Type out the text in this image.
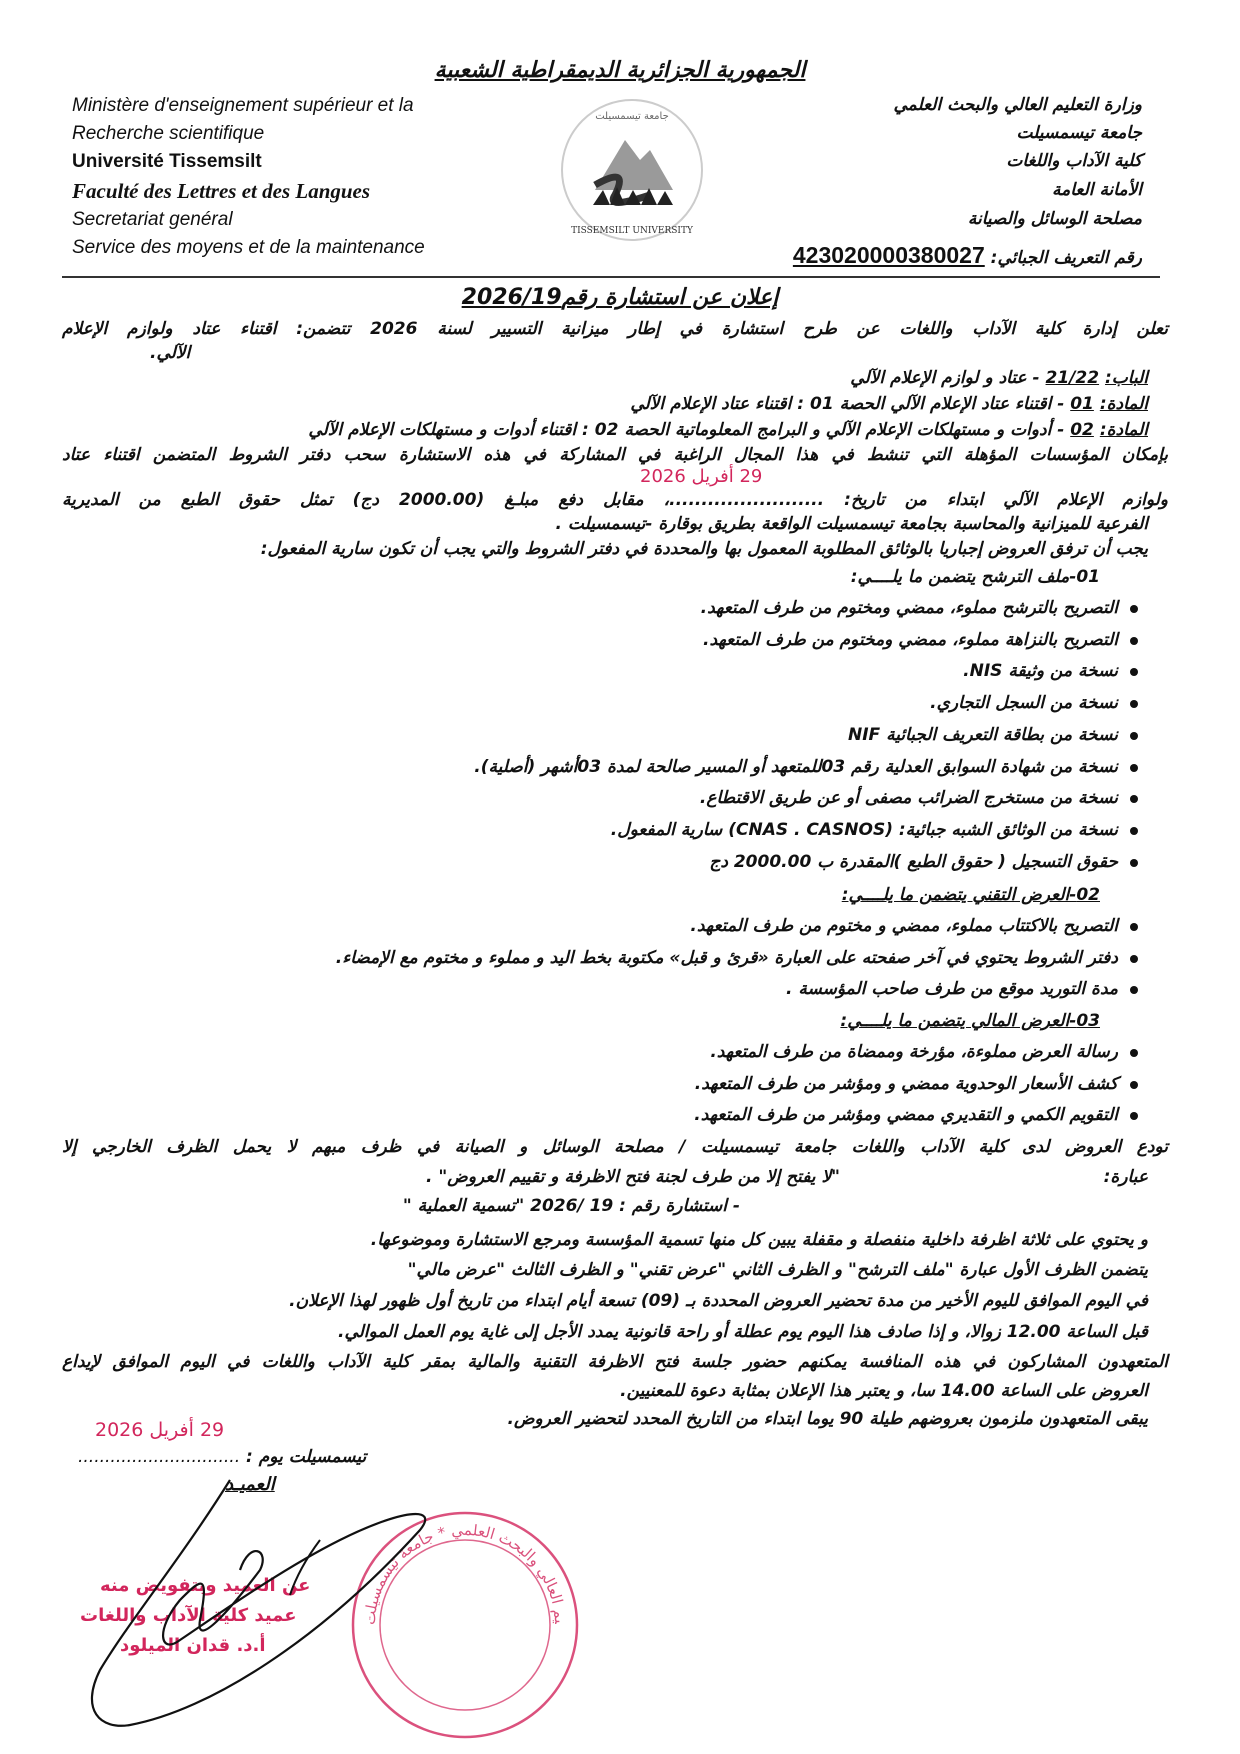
الجمهورية الجزائرية الديمقراطية الشعبية
Ministère d'enseignement supérieur et la
Recherche scientifique
Université Tissemsilt
Faculté des Lettres et des Langues
Secretariat genéral
Service des moyens et de la maintenance
TISSEMSILT UNIVERSITY
جامعة تيسمسيلت
وزارة التعليم العالي والبحث العلمي
جامعة تيسمسيلت
كلية الآداب واللغات
الأمانة العامة
مصلحة الوسائل والصيانة
رقم التعريف الجبائي: 423020000380027
إعلان عن استشارة رقم2026/19
تعلن إدارة كلية الآداب واللغات عن طرح استشارة في إطار ميزانية التسيير لسنة 2026 تتضمن: اقتناء عتاد ولوازم الإعلام
الآلي.
الباب: 21/22 - عتاد و لوازم الإعلام الآلي
المادة: 01 - اقتناء عتاد الإعلام الآلي الحصة 01 : اقتناء عتاد الإعلام الآلي
المادة: 02 - أدوات و مستهلكات الإعلام الآلي و البرامج المعلوماتية الحصة 02 : اقتناء أدوات و مستهلكات الإعلام الآلي
بإمكان المؤسسات المؤهلة التي تنشط في هذا المجال الراغبة في المشاركة في هذه الاستشارة سحب دفتر الشروط المتضمن اقتناء عتاد
29 أفريل 2026
ولوازم الإعلام الآلي ابتداء من تاريخ: ........................، مقابل دفع مبلـغ (2000.00 دج) تمثل حقوق الطبع من المديرية
الفرعية للميزانية والمحاسبة بجامعة تيسمسيلت الواقعة بطريق بوقارة -تيسمسيلت .
يجب أن ترفق العروض إجباريا بالوثائق المطلوبة المعمول بها والمحددة في دفتر الشروط والتي يجب أن تكون سارية المفعول:
01-ملف الترشح يتضمن ما يلــــي:
التصريح بالترشح مملوء، ممضي ومختوم من طرف المتعهد.
التصريح بالنزاهة مملوء، ممضي ومختوم من طرف المتعهد.
نسخة من وثيقة NIS.
نسخة من السجل التجاري.
نسخة من بطاقة التعريف الجبائية NIF
نسخة من شهادة السوابق العدلية رقم 03للمتعهد أو المسير صالحة لمدة 03أشهر (أصلية).
نسخة من مستخرج الضرائب مصفى أو عن طريق الاقتطاع.
نسخة من الوثائق الشبه جبائية: (CNAS . CASNOS) سارية المفعول.
حقوق التسجيل ( حقوق الطبع )المقدرة ب 2000.00 دج
02-العرض التقني يتضمن ما يلــــي:
التصريح بالاكتتاب مملوء، ممضي و مختوم من طرف المتعهد.
دفتر الشروط يحتوي في آخر صفحته على العبارة «قرئ و قبل» مكتوبة بخط اليد و مملوء و مختوم مع الإمضاء.
مدة التوريد موقع من طرف صاحب المؤسسة .
03-العرض المالي يتضمن ما يلــــي:
رسالة العرض مملوءة، مؤرخة وممضاة من طرف المتعهد.
كشف الأسعار الوحدوية ممضي و ومؤشر من طرف المتعهد.
التقويم الكمي و التقديري ممضي ومؤشر من طرف المتعهد.
تودع العروض لدى كلية الآداب واللغات جامعة تيسمسيلت / مصلحة الوسائل و الصيانة في ظرف مبهم لا يحمل الظرف الخارجي إلا
عبارة:
"لا يفتح إلا من طرف لجنة فتح الاظرفة و تقييم العروض" .
- استشارة رقم : 19 /2026 "تسمية العملية "
و يحتوي على ثلاثة اظرفة داخلية منفصلة و مقفلة يبين كل منها تسمية المؤسسة ومرجع الاستشارة وموضوعها.
يتضمن الظرف الأول عبارة "ملف الترشح" و الظرف الثاني "عرض تقني" و الظرف الثالث "عرض مالي"
في اليوم الموافق لليوم الأخير من مدة تحضير العروض المحددة بـ (09) تسعة أيام ابتداء من تاريخ أول ظهور لهذا الإعلان.
قبل الساعة 12.00 زوالا، و إذا صادف هذا اليوم يوم عطلة أو راحة قانونية يمدد الأجل إلى غاية يوم العمل الموالي.
المتعهدون المشاركون في هذه المنافسة يمكنهم حضور جلسة فتح الاظرفة التقنية والمالية بمقر كلية الآداب واللغات في اليوم الموافق لإيداع
العروض على الساعة 14.00 سا، و يعتبر هذا الإعلان بمثابة دعوة للمعنيين.
يبقى المتعهدون ملزمون بعروضهم طيلة 90 يوما ابتداء من التاريخ المحدد لتحضير العروض.
29 أفريل 2026
تيسمسيلت يوم : ..............................
العميـد
يم العالي والبحث العلمي * جامعة تيسمسيلت
عن العميد وبتفويض منه
عميد كلية الآداب واللغات
أ.د. قدان الميلود
